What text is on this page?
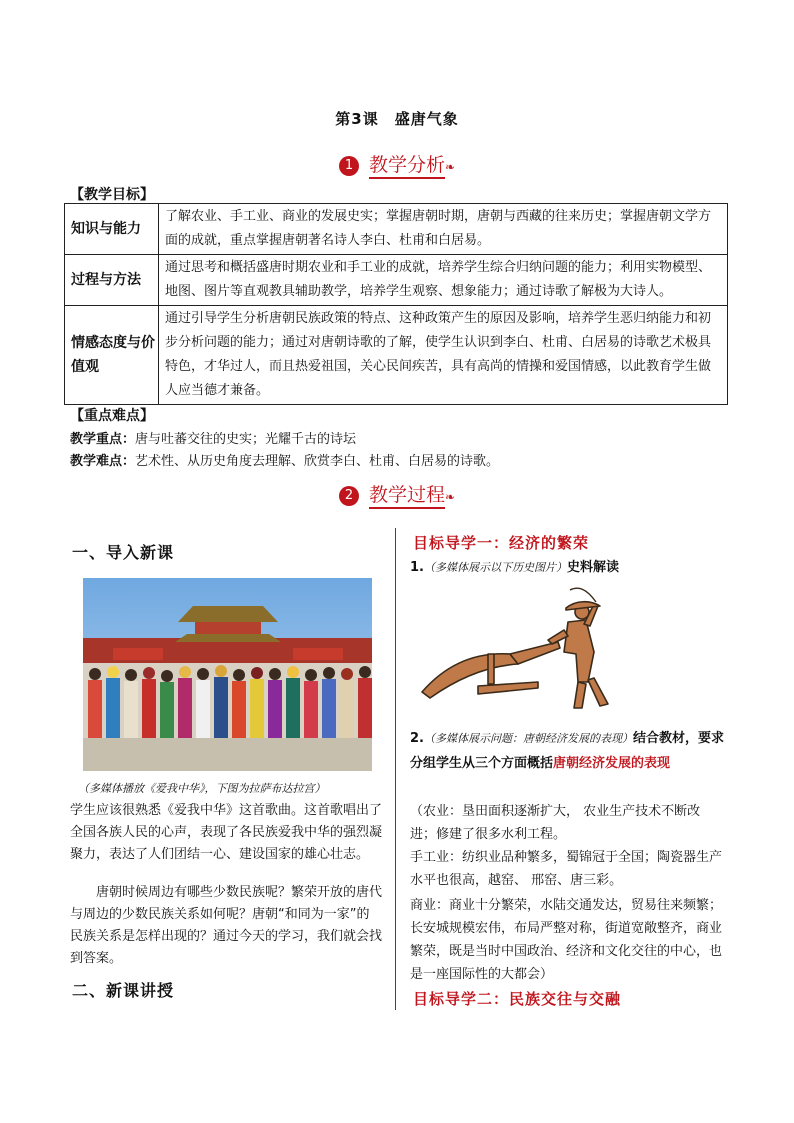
第3课　盛唐气象
1 教学分析❧
【教学目标】
知识与能力	了解农业、手工业、商业的发展史实；掌握唐朝时期，唐朝与西藏的往来历史；掌握唐朝文学方面的成就，重点掌握唐朝著名诗人李白、杜甫和白居易。
过程与方法	通过思考和概括盛唐时期农业和手工业的成就，培养学生综合归纳问题的能力；利用实物模型、地图、图片等直观教具辅助教学，培养学生观察、想象能力；通过诗歌了解极为大诗人。
情感态度与价值观	通过引导学生分析唐朝民族政策的特点、这种政策产生的原因及影响，培养学生恶归纳能力和初步分析问题的能力；通过对唐朝诗歌的了解，使学生认识到李白、杜甫、白居易的诗歌艺术极具特色，才华过人，而且热爱祖国，关心民间疾苦，具有高尚的情操和爱国情感，以此教育学生做人应当德才兼备。
【重点难点】
教学重点：唐与吐蕃交往的史实；光耀千古的诗坛
教学难点：艺术性、从历史角度去理解、欣赏李白、杜甫、白居易的诗歌。
2 教学过程❧
一、导入新课
（多媒体播放《爱我中华》，下图为拉萨布达拉宫）
学生应该很熟悉《爱我中华》这首歌曲。这首歌唱出了全国各族人民的心声，表现了各民族爱我中华的强烈凝聚力，表达了人们团结一心、建设国家的雄心壮志。
唐朝时候周边有哪些少数民族呢？繁荣开放的唐代与周边的少数民族关系如何呢？唐朝“和同为一家”的民族关系是怎样出现的？通过今天的学习，我们就会找到答案。
二、新课讲授
目标导学一：经济的繁荣
1.（多媒体展示以下历史图片）史料解读
2.（多媒体展示问题：唐朝经济发展的表现）结合教材，要求分组学生从三个方面概括唐朝经济发展的表现
（农业：垦田面积逐渐扩大， 农业生产技术不断改进；修建了很多水利工程。
手工业：纺织业品种繁多，蜀锦冠于全国；陶瓷器生产水平也很高，越窑、 邢窑、唐三彩。
商业：商业十分繁荣，水陆交通发达，贸易往来频繁；长安城规模宏伟，布局严整对称，街道宽敞整齐，商业繁荣，既是当时中国政治、经济和文化交往的中心，也是一座国际性的大都会）
目标导学二：民族交往与交融
